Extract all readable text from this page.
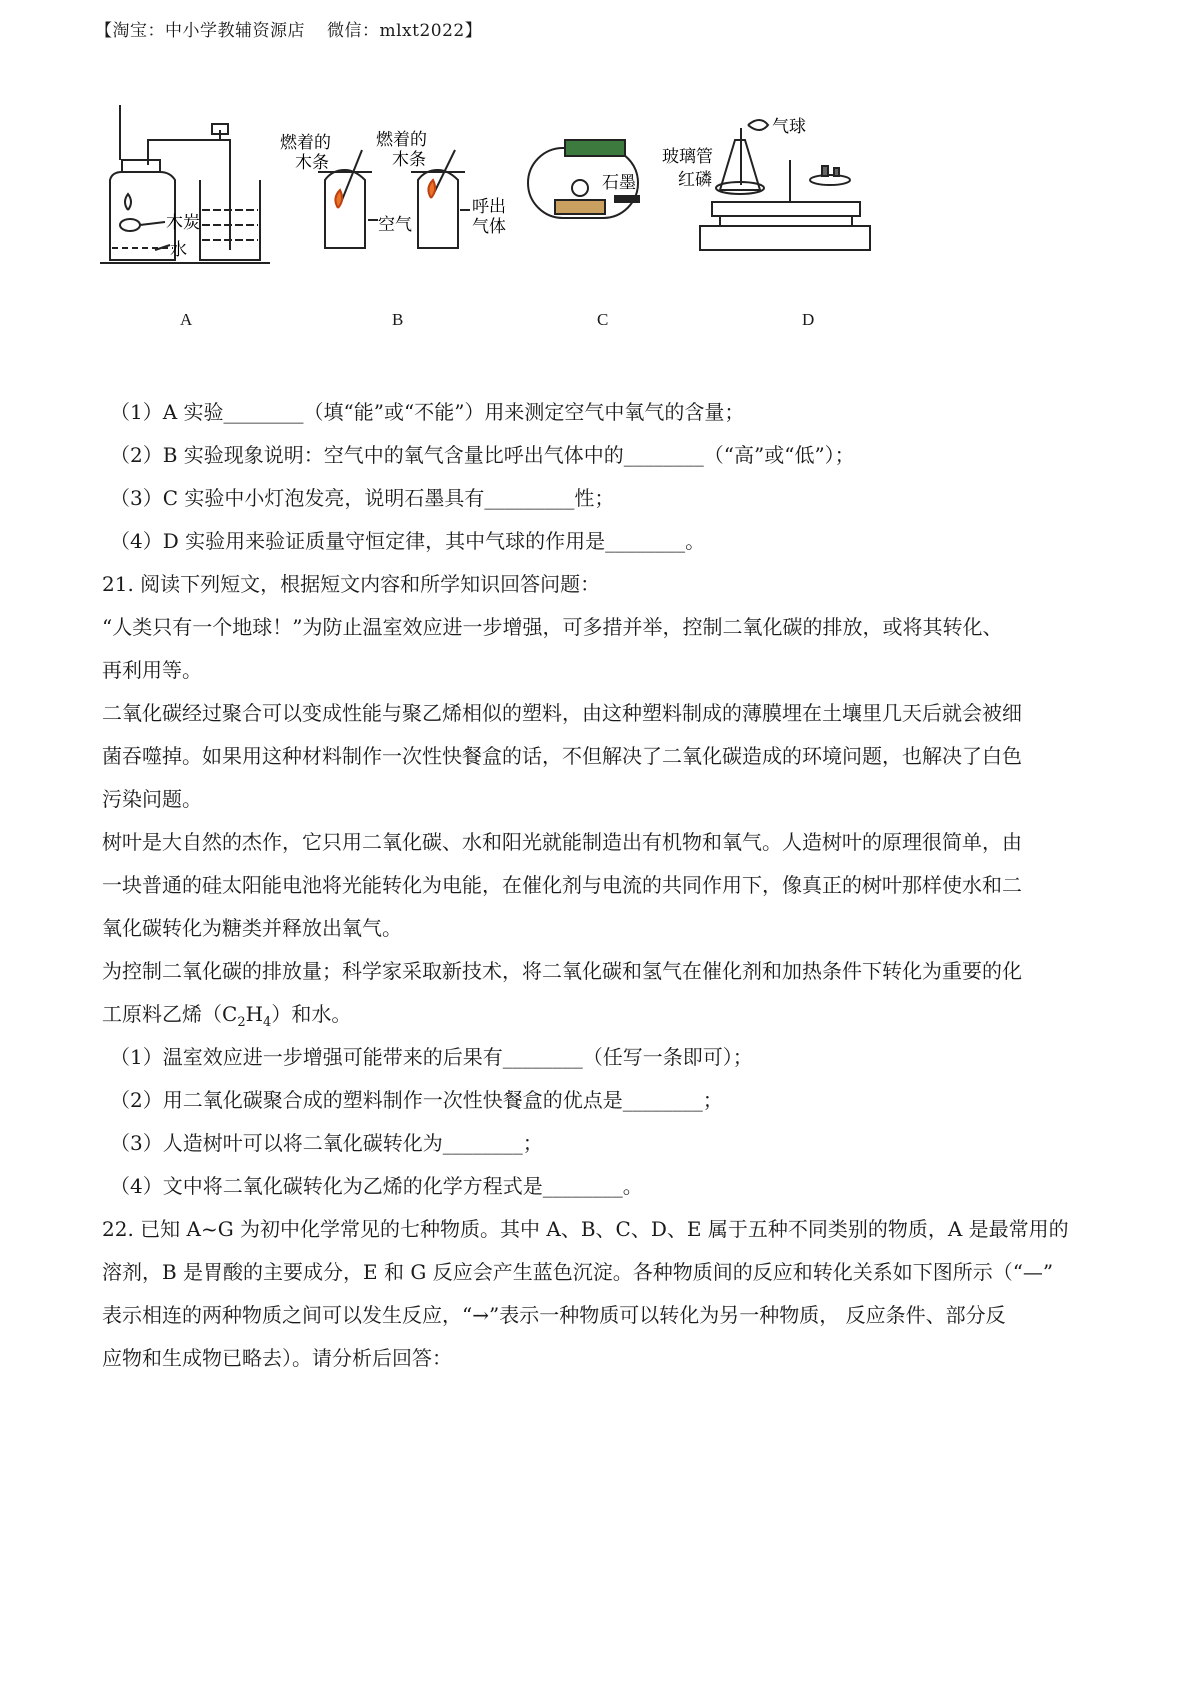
【淘宝：中小学教辅资源店 微信：mlxt2022】
木炭
水
燃着的
木条
燃着的
木条
空气
呼出
气体
石墨
气球
玻璃管
红磷
A	B	C	D
（1）A 实验________（填“能”或“不能”）用来测定空气中氧气的含量；
（2）B 实验现象说明：空气中的氧气含量比呼出气体中的________（“高”或“低”）；
（3）C 实验中小灯泡发亮，说明石墨具有_________性；
（4）D 实验用来验证质量守恒定律，其中气球的作用是________。
21. 阅读下列短文，根据短文内容和所学知识回答问题：
“人类只有一个地球！”为防止温室效应进一步增强，可多措并举，控制二氧化碳的排放，或将其转化、
再利用等。
二氧化碳经过聚合可以变成性能与聚乙烯相似的塑料，由这种塑料制成的薄膜埋在土壤里几天后就会被细
菌吞噬掉。如果用这种材料制作一次性快餐盒的话，不但解决了二氧化碳造成的环境问题，也解决了白色
污染问题。
树叶是大自然的杰作，它只用二氧化碳、水和阳光就能制造出有机物和氧气。人造树叶的原理很简单，由
一块普通的硅太阳能电池将光能转化为电能，在催化剂与电流的共同作用下，像真正的树叶那样使水和二
氧化碳转化为糖类并释放出氧气。
为控制二氧化碳的排放量；科学家采取新技术，将二氧化碳和氢气在催化剂和加热条件下转化为重要的化
工原料乙烯$(C_2H_4)$和水。
（1）温室效应进一步增强可能带来的后果有________（任写一条即可）；
（2）用二氧化碳聚合成的塑料制作一次性快餐盒的优点是________；
（3）人造树叶可以将二氧化碳转化为________；
（4）文中将二氧化碳转化为乙烯的化学方程式是________。
22. 已知 A~G 为初中化学常见的七种物质。其中 A、B、C、D、E 属于五种不同类别的物质，A 是最常用的
溶剂，B 是胃酸的主要成分，E 和 G 反应会产生蓝色沉淀。各种物质间的反应和转化关系如下图所示（“—”
表示相连的两种物质之间可以发生反应，“→”表示一种物质可以转化为另一种物质， 反应条件、部分反
应物和生成物已略去）。请分析后回答：
